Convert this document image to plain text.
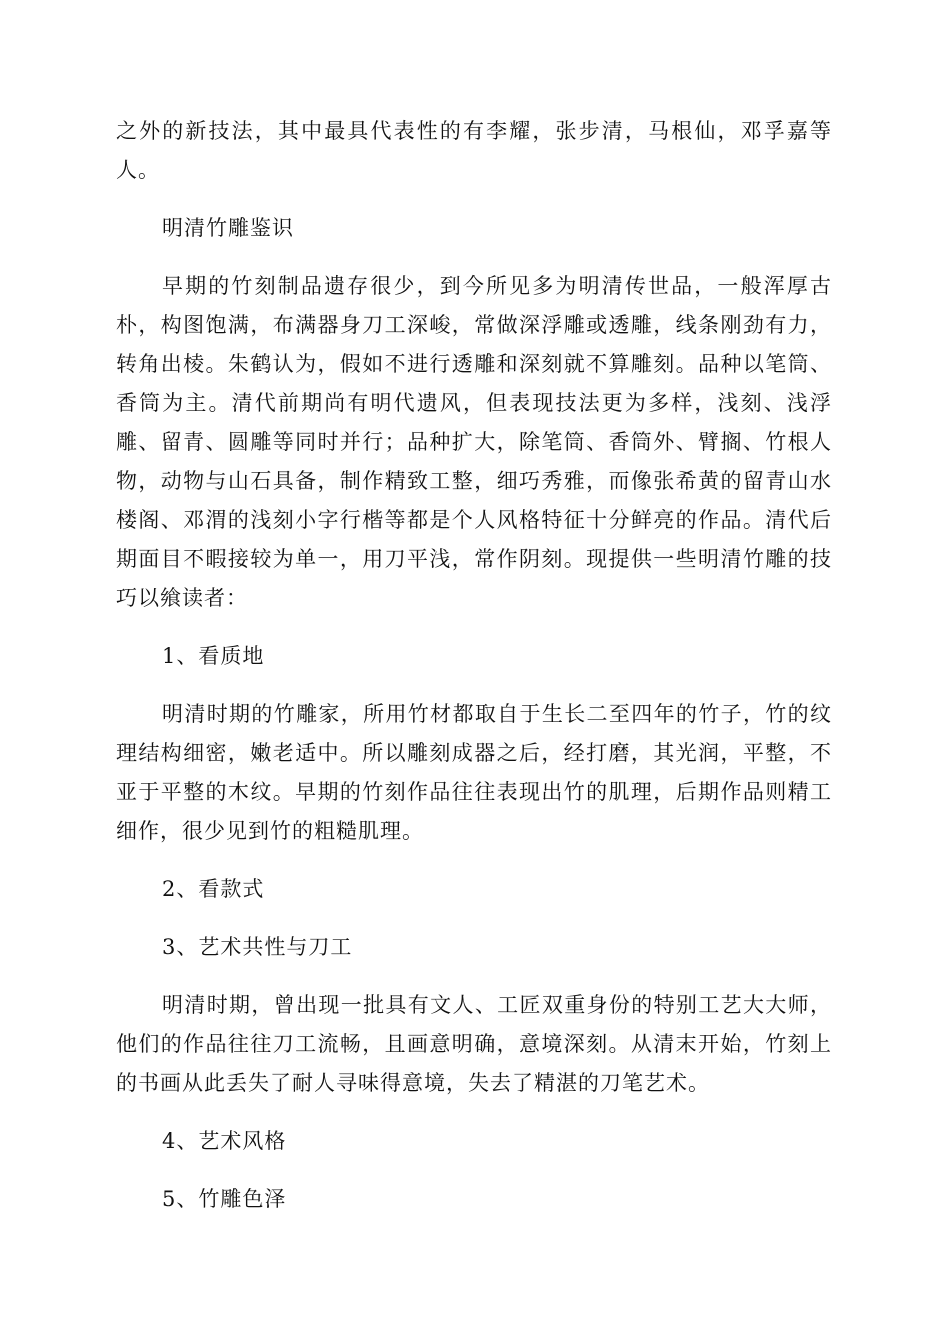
之外的新技法，其中最具代表性的有李耀，张步清，马根仙，邓孚嘉等人。

明清竹雕鉴识

早期的竹刻制品遗存很少，到今所见多为明清传世品，一般浑厚古朴，构图饱满，布满器身刀工深峻，常做深浮雕或透雕，线条刚劲有力，转角出棱。朱鹤认为，假如不进行透雕和深刻就不算雕刻。品种以笔筒、香筒为主。清代前期尚有明代遗风，但表现技法更为多样，浅刻、浅浮雕、留青、圆雕等同时并行；品种扩大，除笔筒、香筒外、臂搁、竹根人物，动物与山石具备，制作精致工整，细巧秀雅，而像张希黄的留青山水楼阁、邓渭的浅刻小字行楷等都是个人风格特征十分鲜亮的作品。清代后期面目不暇接较为单一，用刀平浅，常作阴刻。现提供一些明清竹雕的技巧以飨读者：

1、看质地

明清时期的竹雕家，所用竹材都取自于生长二至四年的竹子，竹的纹理结构细密，嫩老适中。所以雕刻成器之后，经打磨，其光润，平整，不亚于平整的木纹。早期的竹刻作品往往表现出竹的肌理，后期作品则精工细作，很少见到竹的粗糙肌理。

2、看款式

3、艺术共性与刀工

明清时期，曾出现一批具有文人、工匠双重身份的特别工艺大大师，他们的作品往往刀工流畅，且画意明确，意境深刻。从清末开始，竹刻上的书画从此丢失了耐人寻味得意境，失去了精湛的刀笔艺术。

4、艺术风格

5、竹雕色泽
